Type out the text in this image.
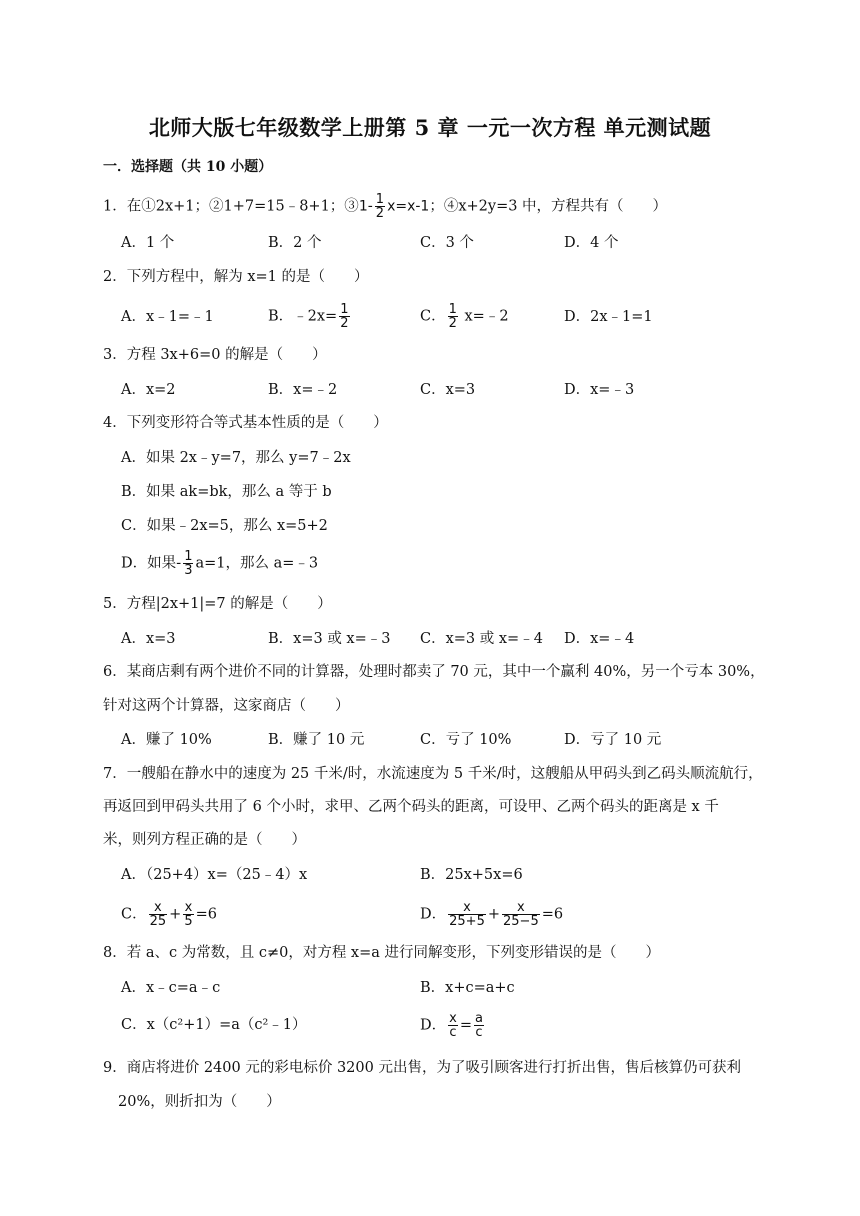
北师大版七年级数学上册第 5 章 一元一次方程 单元测试题
一．选择题（共 10 小题）
1．在①2x+1；②1+7=15﹣8+1；③1- $\frac{1}{2} x=x-1$；④x+2y=3 中，方程共有（　　）
A．1 个	B．2 个	C．3 个	D．4 个
2．下列方程中，解为 x=1 的是（　　）
A．x﹣1=﹣1	B．﹣2x= $\frac{1}{2}$	C． $\frac{1}{2}$ x=﹣2	D．2x﹣1=1
3．方程 3x+6=0 的解是（　　）
A．x=2	B．x=﹣2	C．x=3	D．x=﹣3
4．下列变形符合等式基本性质的是（　　）
A．如果 2x﹣y=7，那么 y=7﹣2x
B．如果 ak=bk，那么 a 等于 b
C．如果﹣2x=5，那么 x=5+2
D．如果- $\frac{1}{3} a=1$，那么 a=﹣3
5．方程|2x+1|=7 的解是（　　）
A．x=3	B．x=3 或 x=﹣3 C．x=3 或 x=﹣4 D．x=﹣4
6．某商店剩有两个进价不同的计算器，处理时都卖了 70 元，其中一个赢利 40%，另一个亏本 30%，
针对这两个计算器，这家商店（　　）
A．赚了 10%	B．赚了 10 元	C．亏了 10%	D．亏了 10 元
7．一艘船在静水中的速度为 25 千米/时，水流速度为 5 千米/时，这艘船从甲码头到乙码头顺流航行，
再返回到甲码头共用了 6 个小时，求甲、乙两个码头的距离，可设甲、乙两个码头的距离是 x 千
米，则列方程正确的是（　　）
A．（25+4）x=（25﹣4）x	B．25x+5x=6
C． $\frac{x}{25} + \frac{x}{5} =6$	D． $\frac{x}{25+5} + \frac{x}{25-5} =6$
8．若 a、c 为常数，且 c≠0，对方程 x=a 进行同解变形，下列变形错误的是（　　）
A．x﹣c=a﹣c	B．x+c=a+c
C．x（c²+1）=a（c²﹣1）	D． $\frac{x}{c} = \frac{a}{c}$
9．商店将进价 2400 元的彩电标价 3200 元出售，为了吸引顾客进行打折出售，售后核算仍可获利
20%，则折扣为（　　）
